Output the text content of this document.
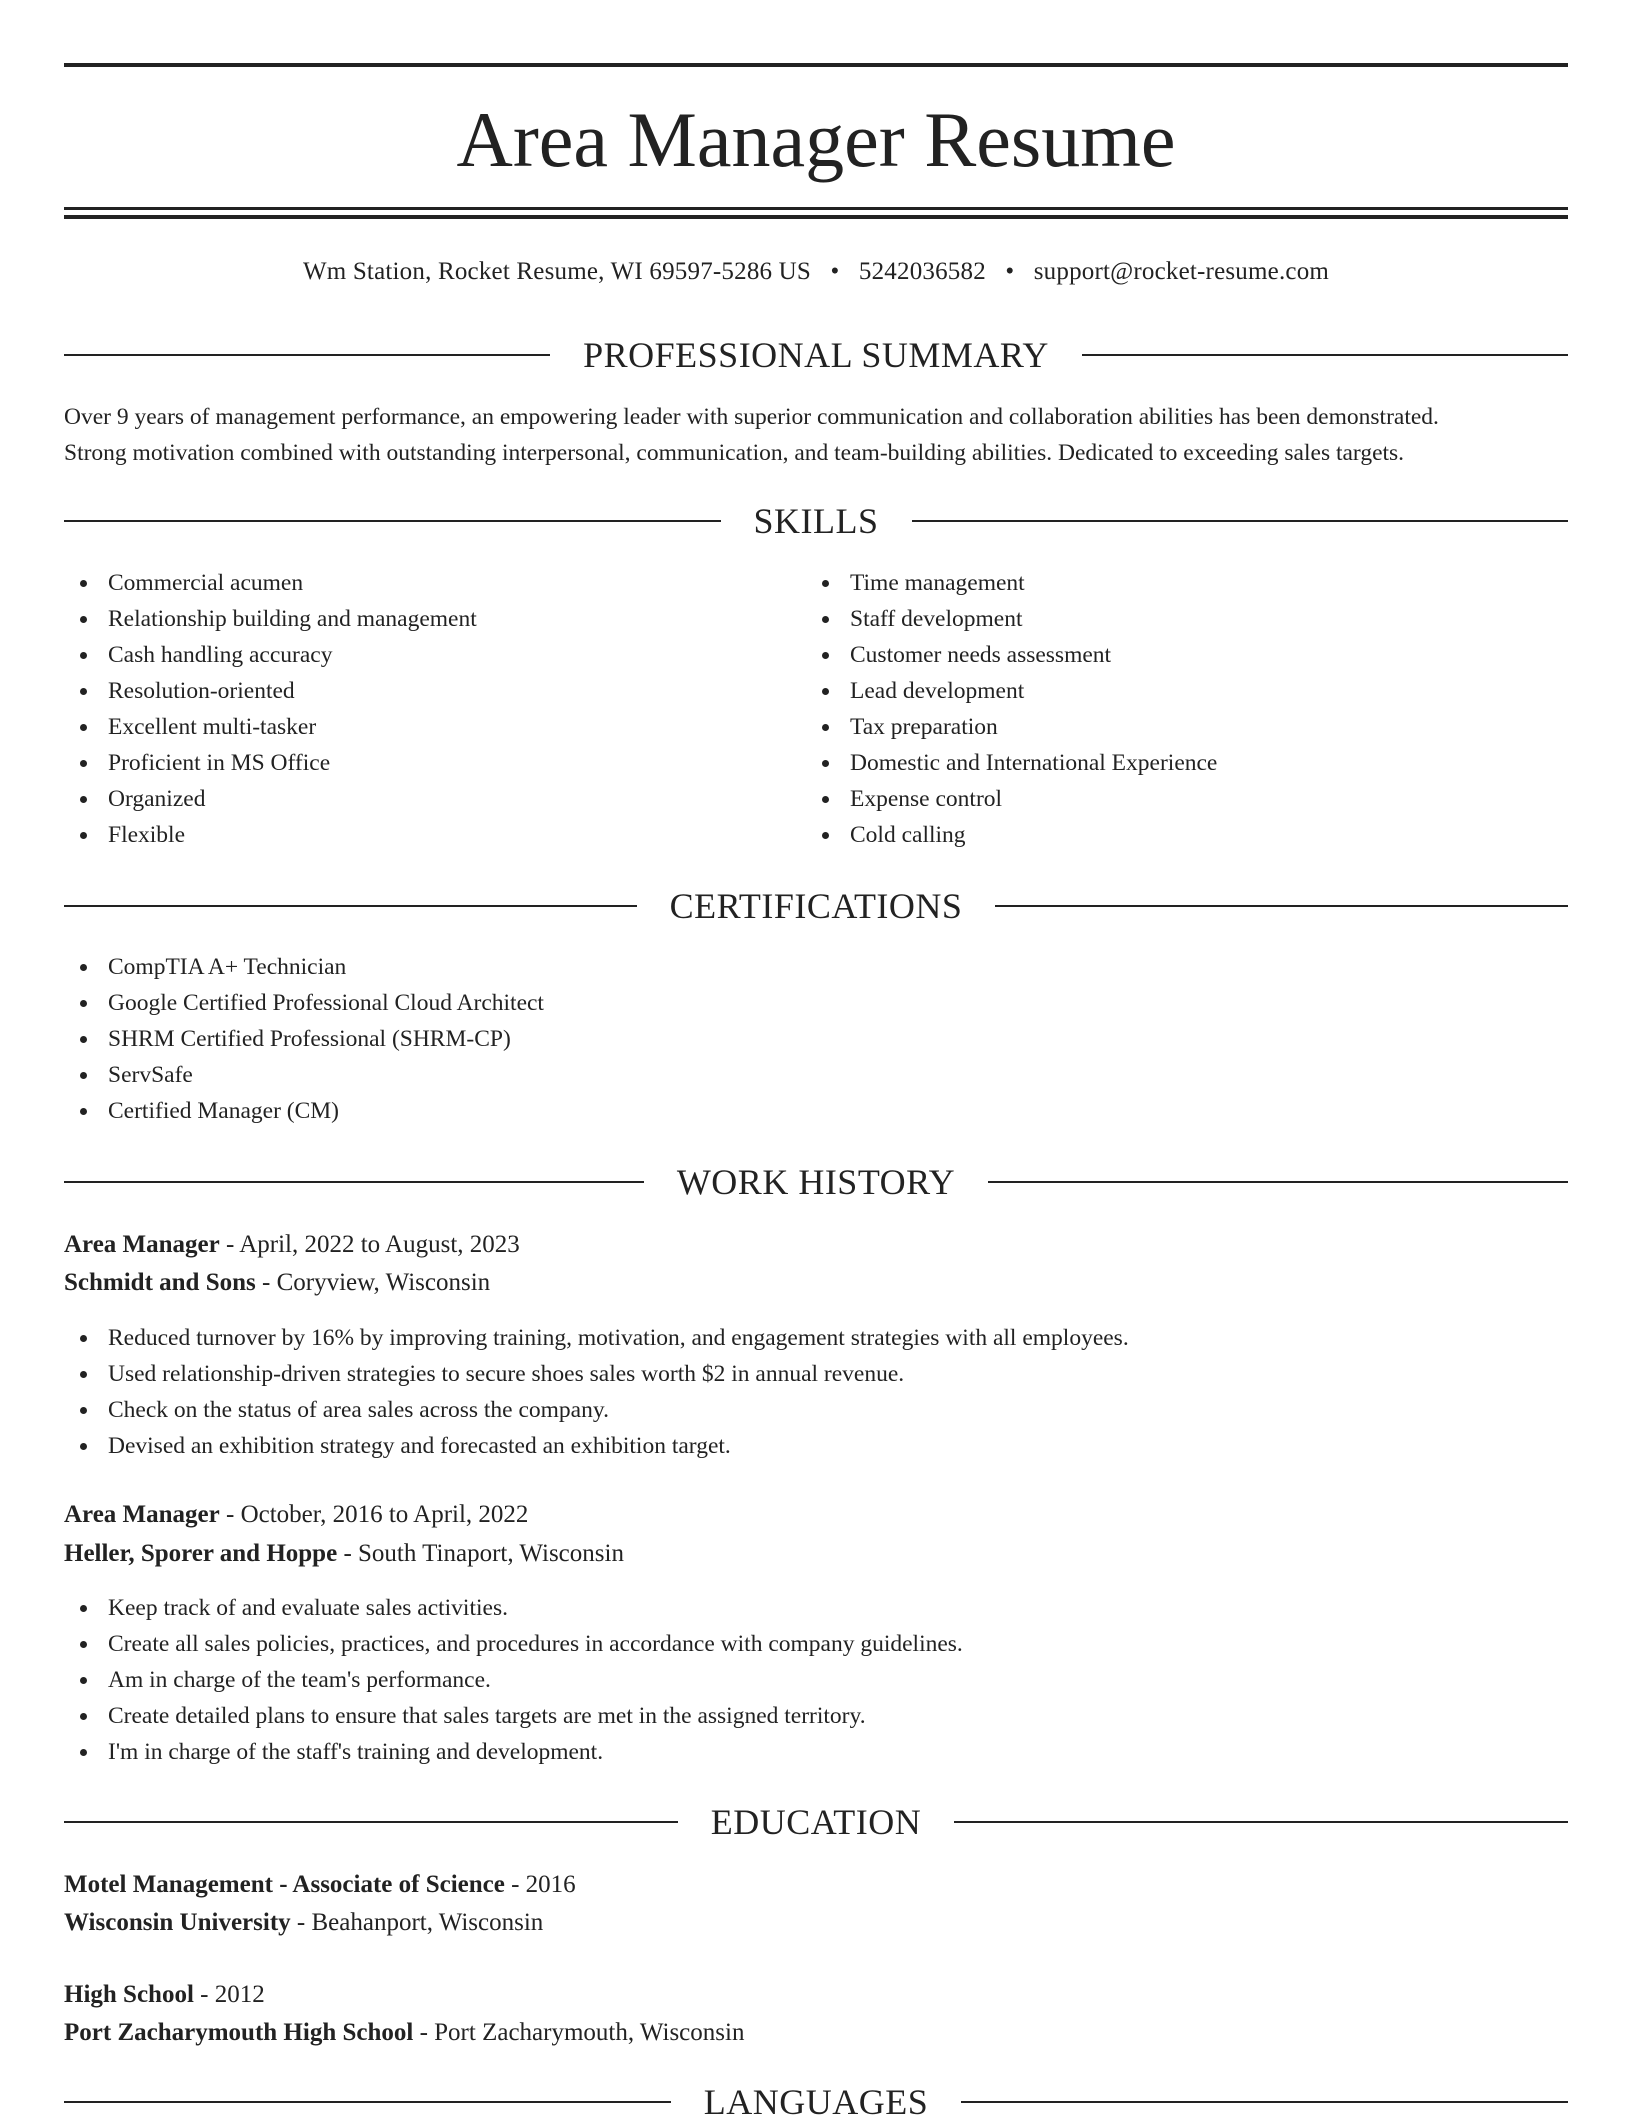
Area Manager Resume
Wm Station, Rocket Resume, WI 69597-5286 US • 5242036582 • support@rocket-resume.com
PROFESSIONAL SUMMARY
Over 9 years of management performance, an empowering leader with superior communication and collaboration abilities has been demonstrated.
Strong motivation combined with outstanding interpersonal, communication, and team-building abilities. Dedicated to exceeding sales targets.
SKILLS
Commercial acumen
Relationship building and management
Cash handling accuracy
Resolution-oriented
Excellent multi-tasker
Proficient in MS Office
Organized
Flexible
Time management
Staff development
Customer needs assessment
Lead development
Tax preparation
Domestic and International Experience
Expense control
Cold calling
CERTIFICATIONS
CompTIA A+ Technician
Google Certified Professional Cloud Architect
SHRM Certified Professional (SHRM-CP)
ServSafe
Certified Manager (CM)
WORK HISTORY
Area Manager - April, 2022 to August, 2023
Schmidt and Sons - Coryview, Wisconsin
Reduced turnover by 16% by improving training, motivation, and engagement strategies with all employees.
Used relationship-driven strategies to secure shoes sales worth $2 in annual revenue.
Check on the status of area sales across the company.
Devised an exhibition strategy and forecasted an exhibition target.
Area Manager - October, 2016 to April, 2022
Heller, Sporer and Hoppe - South Tinaport, Wisconsin
Keep track of and evaluate sales activities.
Create all sales policies, practices, and procedures in accordance with company guidelines.
Am in charge of the team's performance.
Create detailed plans to ensure that sales targets are met in the assigned territory.
I'm in charge of the staff's training and development.
EDUCATION
Motel Management - Associate of Science - 2016
Wisconsin University - Beahanport, Wisconsin
High School - 2012
Port Zacharymouth High School - Port Zacharymouth, Wisconsin
LANGUAGES
